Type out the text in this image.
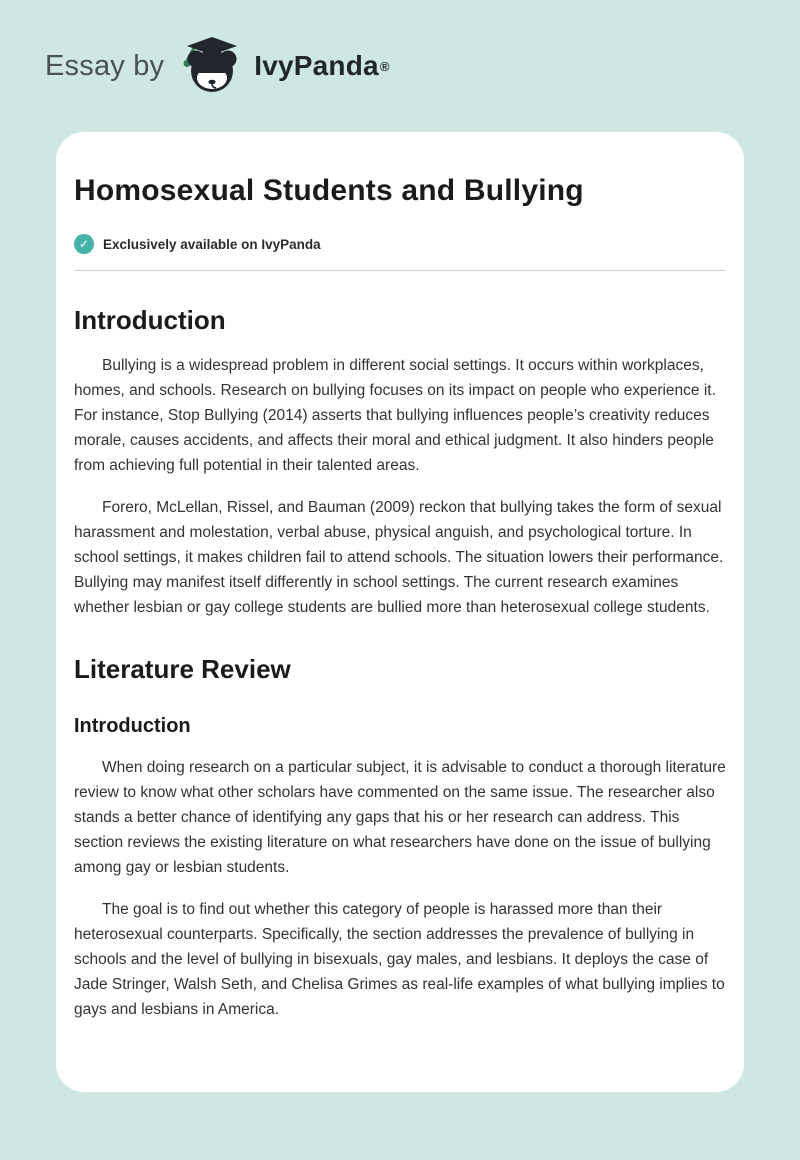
Essay by	IvyPanda ®
Homosexual Students and Bullying
✓	Exclusively available on IvyPanda
Introduction

Bullying is a widespread problem in different social settings. It occurs within workplaces, homes, and schools. Research on bullying focuses on its impact on people who experience it. For instance, Stop Bullying (2014) asserts that bullying influences people’s creativity reduces morale, causes accidents, and affects their moral and ethical judgment. It also hinders people from achieving full potential in their talented areas.

Forero, McLellan, Rissel, and Bauman (2009) reckon that bullying takes the form of sexual harassment and molestation, verbal abuse, physical anguish, and psychological torture. In school settings, it makes children fail to attend schools. The situation lowers their performance. Bullying may manifest itself differently in school settings. The current research examines whether lesbian or gay college students are bullied more than heterosexual college students.

Literature Review
Introduction

When doing research on a particular subject, it is advisable to conduct a thorough literature review to know what other scholars have commented on the same issue. The researcher also stands a better chance of identifying any gaps that his or her research can address. This section reviews the existing literature on what researchers have done on the issue of bullying among gay or lesbian students.

The goal is to find out whether this category of people is harassed more than their heterosexual counterparts. Specifically, the section addresses the prevalence of bullying in schools and the level of bullying in bisexuals, gay males, and lesbians. It deploys the case of Jade Stringer, Walsh Seth, and Chelisa Grimes as real-life examples of what bullying implies to gays and lesbians in America.
